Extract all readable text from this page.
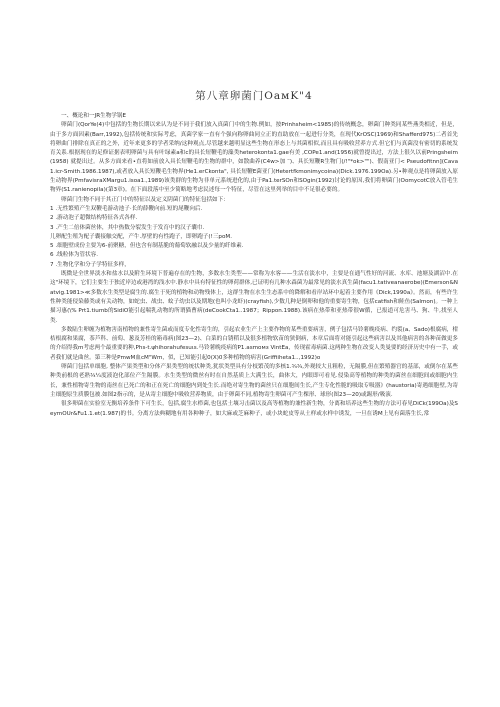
第八章卵菌门OaмK"4

一、概论和一JR生物学锅E

卵菌门(QоrYe(4)中包括的生物长期以来认为是不同于我们放入真菌门中的生物.例如，按Prinhsheim<1985)的传统概念，卵菌门种类同某些燕类相近，但是，由于多方面因素(Barr,1992),包括传统和实际考虑，真菌学家一直有个强向称卵曲同立正的直助放在一起进行分类，在现代KrOSC(1969)和Shafferd975)二者首先将卵曲门排除在真正的之外，近年来更多的学者采纳/这种观点,尽管越来越明显这些生物在形态上与其菌相似,而且具有吸收营养方式.但它们与真菌没有密切的系统发育关系.根据现在的足修证据表明卵菌与具有叶绿素a和c的具长短鞭毛的藻类heterokonta1.gae有美 ,COPe1.and(1956)就曾提出过，方法上很久以前Pringsheim(1958) 就提出过。从多方面来看•直将如前放入具长短鞭毛的生物的群中，如散曲养(C4w>加 ¨)、具长短鞭R生物门(/!"*ok>"")、假南亚门< Pseudofitnn](Cava1.icr-Smith.1986.1987),或者放入具长短鞭毛生物界(He1.erCkonta", 具长短鞭E菌亚门(Hetertfkmonimycoina)(Dick.1976.199Oa).另•种观点是将卵菌放入原生动物界(PmfavisraXMargu1.isoa1.,1989)该类群的生物为非单元系统进化的,由于Pa1.terSOn和SOgin(1992)讨论的原因,我们将卵菌门(OomycotC放入管毛生物界(S1.ranienopila)(第3章)。在下面段落中至少简略地考虑民述每一个特征，尽管在这里列举的目中不足很必要的。

卵菌门生物不同于其正门中的特征以及定义阴菌门的特征包括如下：

1 .无性繁殖产生双鞭毛游动池子·长的薛鞭向前.短的尾鞭向后.

2 .游动泡子超微结构特征各式各样.

3 .产生二倍体菌丝体，其中热数分裂发生于发育中的汉子囊巾.

儿卵配生殖为配子囊接触交配，产牛.厚壁的有性跑子，即卵跑子(!三poM.

5 .细胞壁成份主要为6-前聚糖，但也含有制基脆的葡萄软融以及少量的纤维素.

6 .线粒体为管状容.

7 .生物化学和分子学特征多样，

既微是全世界淡水和盐水以及附生环境下普遍存在的生物，多数水生类型——常称为水客——生活在淡水中，主要是在通气性好的河流、水库、池塘及湖沼中.在这"环境下，它们主要生于独近岸边或港湾的浅水中.静水中具有特征性的卵荷群体,已证明有几种水森菌为最常见的淡水真生菌(facu1.tativeanaerobe)(Emerson&Natvig.1981>≪多数水生类型是腐生的.腐生于死的植物和动物残体上，这群生物在水生生态系中的降解和看岸站环中起着主要作用《Dick,1990a》。然而，有些许生性种类能侵染藤类或有关动物，如蛇虫、战虫、蚊子幼虫以及期地(也叫小龙虾)(crayfish),少数几种是倒卵和他的重要寄生物，包括catfish和鲑鱼(Salmon)。一种上描习惠(\% Prt1.tiumb的SidiO能引起喘乳动物的所谓猫曹病(deCookCta1..1987；Rippon.1988).该病在热带和亚热带很W循，已报道可危害马、狗、牛,找至人类.

多数陆生卵缠为植物害南植物的兼性寄生菌或而度专化性寄生的，引起农业生产上主要作物的某些重要病害，例子包括马铃薯晚疫病、约裂(a、Sado)根腐病，柑桔根腐和果腐，茶芦科、前萄、葱及芳桂的箱毒病(图23—2)、白菜的白锈稻以及很多植物软苗的狭倒病，本章后面将对能引起这些病害以及其他病害的各种苗做更多的介绍得我m考虑两个最重要的种,Phs-t.ψhihorahufesuιs.马铃薯晚疫病的P1.asmoмз VintEa，传现霍毒病菌.这两种生物在改变人类曼要的经济历史中有一手，或者我们就是曲丝。第三种是PmwM血cM"Wm，似，已知能引起0(X)0多种植物的病害(Griffiiheta1..,1992)o

卵菌门包括单细胞, 整体产果类型和分体产果类型的统状种类,犹状类型具有分枝繁茂的多核1.¾¾,外观较大且粗粒，无隔膜,但在繁殖器官的基部，或倒尔在某些种类前根的老熟¾¼度液泡化部位产生隔膜。水生类型的微丝有时在自然基质上大满生长，曲体大，内眼即可看见.侵染高等植物的种类的菌丝在细胞间或细胞内生长，兼性植物寄生物的南丝在已死亡的和正在死亡的细胞内到处生长.而绝对寄生物的菌丝只在细胞间生长,产生专化性脆的吸取专吸器》(haustoria)寄遇细胞壁,为寄主细胞原生质膜包被.如图2指示的，是从寄主细胞中吸收营养物质，由于卵菌不同,植物寄生卵菌可产生棵形、球形(图23—20)或踢形/吸演.

很多卵菌在实验室无衡培养条件下可生长，包括,腐生水栉菌,也包括土壤习击菌以及高等植物的兼性新生物，分离和培养这些生物的方法可春见DiCk(199Oa)及SeymOUr&Fu1.1.et(1.987)的书。分离方法典糊地有用各种种子，如大麻或芝麻种子，或小块蛇皮等从土样或水样中诱发，一旦在诱M上见有菌落生长,常
